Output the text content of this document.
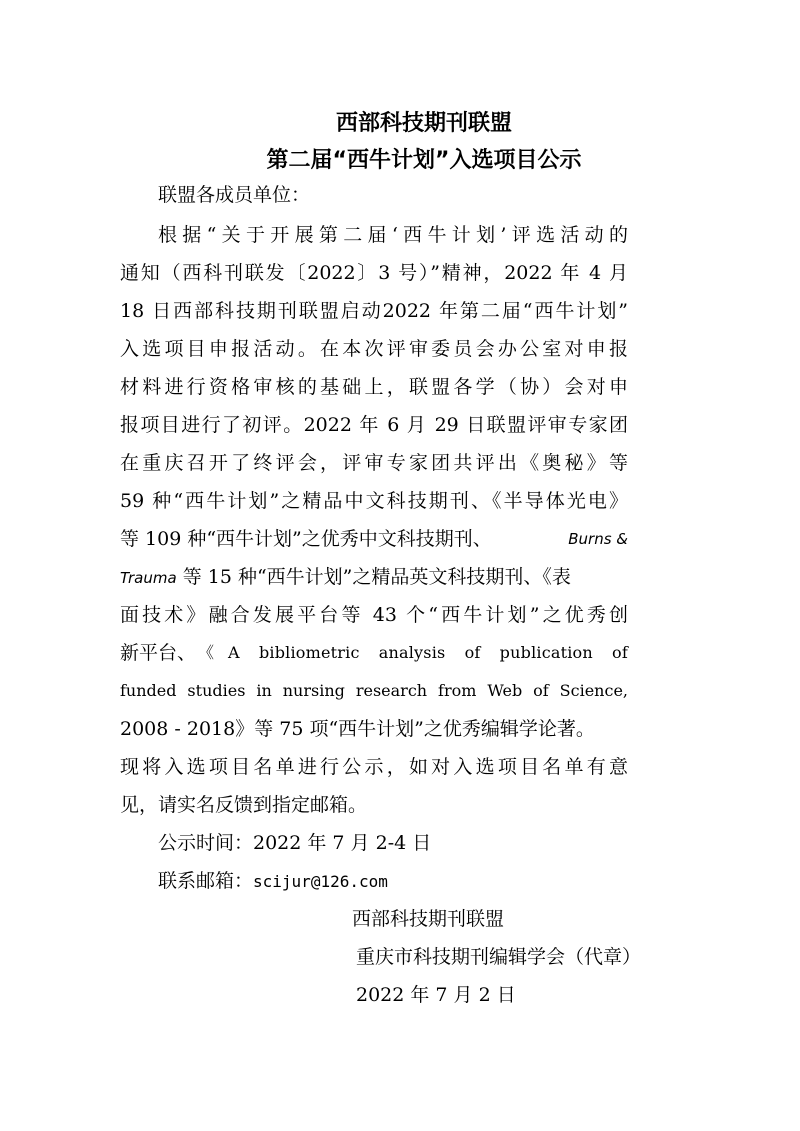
西部科技期刊联盟
第二届“西牛计划”入选项目公示
联盟各成员单位：
根据“关于开展第二届‘西牛计划’评选活动的
通知（西科刊联发〔2022〕3 号）”精神，2022 年 4 月
18 日西部科技期刊联盟启动2022 年第二届“西牛计划”
入选项目申报活动。在本次评审委员会办公室对申报
材料进行资格审核的基础上，联盟各学（协）会对申
报项目进行了初评。2022 年 6 月 29 日联盟评审专家团
在重庆召开了终评会，评审专家团共评出《奥秘》等
59 种“西牛计划”之精品中文科技期刊、《半导体光电》
等 109 种“西牛计划”之优秀中文科技期刊、	Burns &
Trauma 等 15 种“西牛计划”之精品英文科技期刊、《表
面技术》融合发展平台等 43 个“西牛计划”之优秀创
新平台、 《A bibliometric analysis of publication of
funded studies in nursing research from Web of Science,
2008 - 2018》等 75 项“西牛计划”之优秀编辑学论著。
现将入选项目名单进行公示，如对入选项目名单有意
见，请实名反馈到指定邮箱。
公示时间：2022 年 7 月 2-4 日
联系邮箱：scijur@126.com
西部科技期刊联盟
重庆市科技期刊编辑学会（代章）
2022 年 7 月 2 日
